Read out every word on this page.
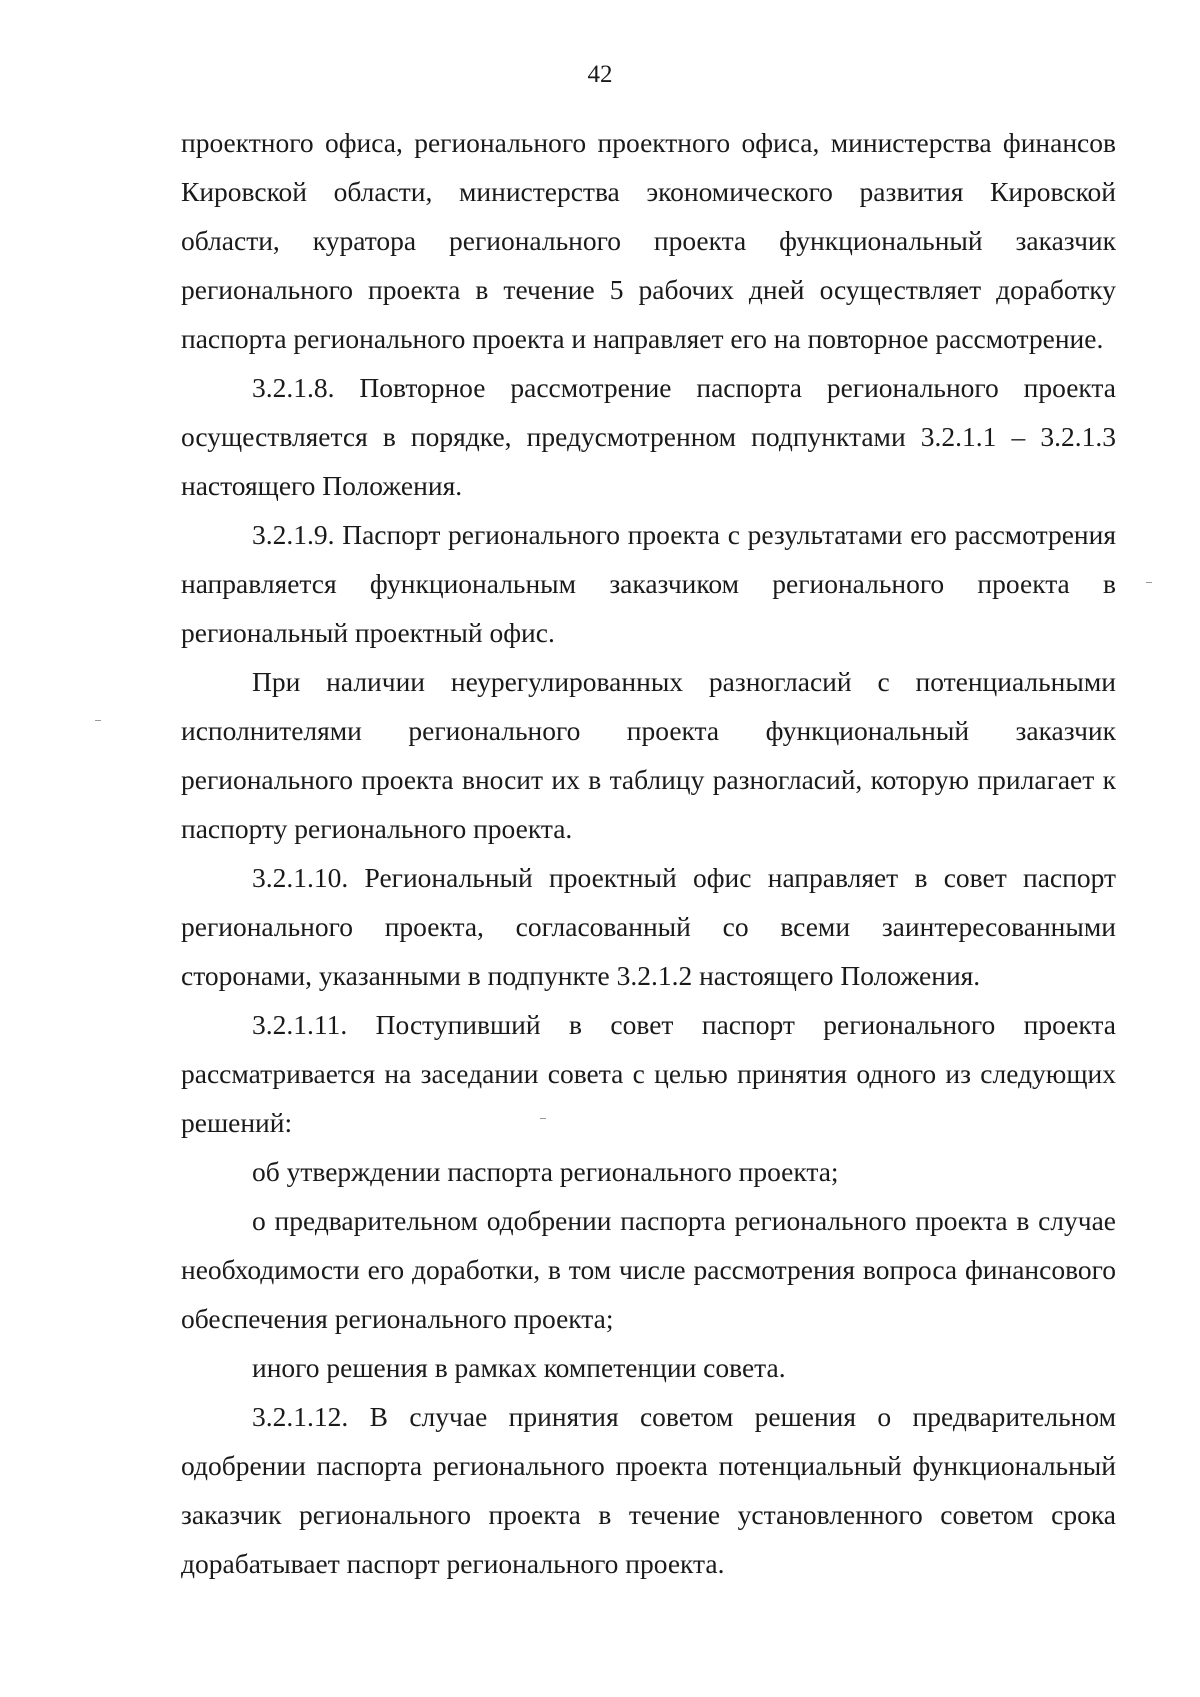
42

проектного офиса, регионального проектного офиса, министерства финансов Кировской области, министерства экономического развития Кировской области, куратора регионального проекта функциональный заказчик регионального проекта в течение 5 рабочих дней осуществляет доработку паспорта регионального проекта и направляет его на повторное рассмотрение.

3.2.1.8. Повторное рассмотрение паспорта регионального проекта осуществляется в порядке, предусмотренном подпунктами 3.2.1.1 – 3.2.1.3 настоящего Положения.

3.2.1.9. Паспорт регионального проекта с результатами его рассмотрения направляется функциональным заказчиком регионального проекта в региональный проектный офис.

При наличии неурегулированных разногласий с потенциальными исполнителями регионального проекта функциональный заказчик регионального проекта вносит их в таблицу разногласий, которую прилагает к паспорту регионального проекта.

3.2.1.10. Региональный проектный офис направляет в совет паспорт регионального проекта, согласованный со всеми заинтересованными сторонами, указанными в подпункте 3.2.1.2 настоящего Положения.

3.2.1.11. Поступивший в совет паспорт регионального проекта рассматривается на заседании совета с целью принятия одного из следующих решений:

об утверждении паспорта регионального проекта;

о предварительном одобрении паспорта регионального проекта в случае необходимости его доработки, в том числе рассмотрения вопроса финансового обеспечения регионального проекта;

иного решения в рамках компетенции совета.

3.2.1.12. В случае принятия советом решения о предварительном одобрении паспорта регионального проекта потенциальный функциональный заказчик регионального проекта в течение установленного советом срока дорабатывает паспорт регионального проекта.
